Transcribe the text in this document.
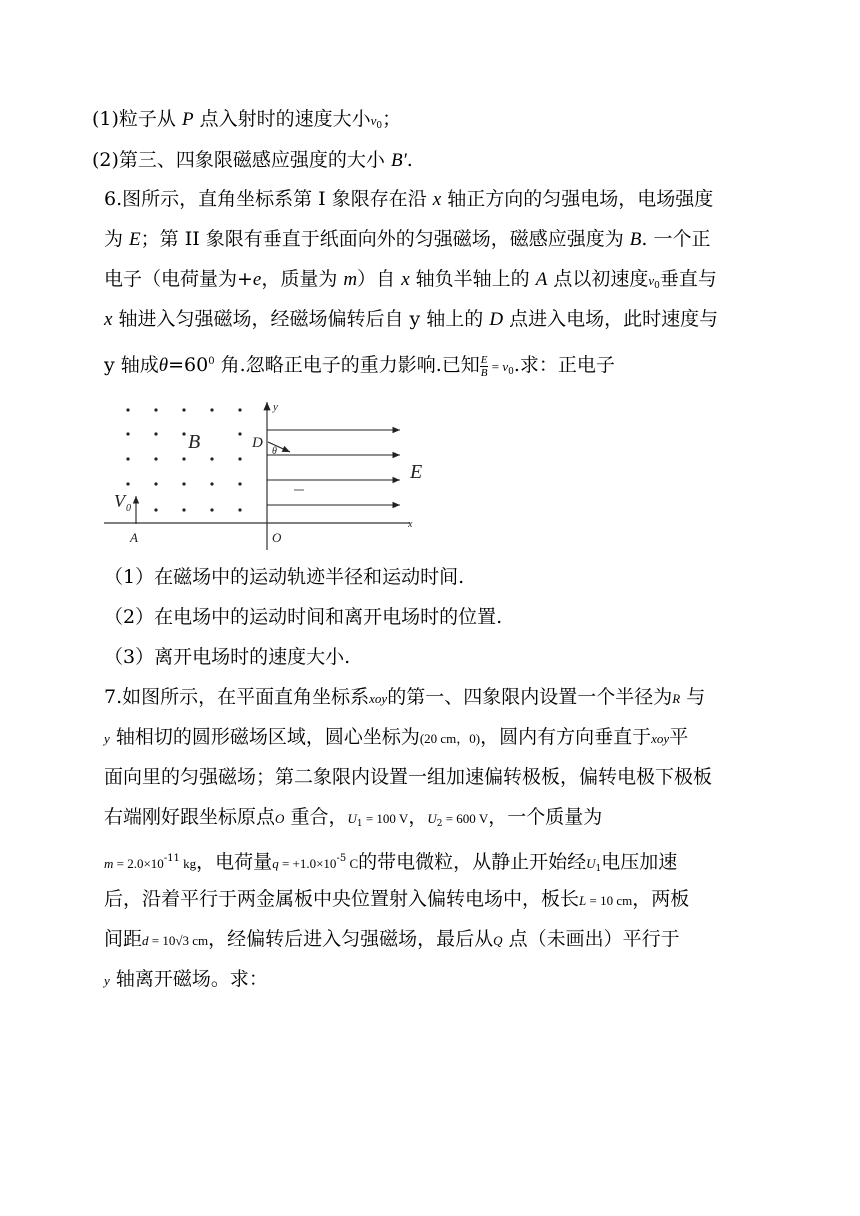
(1)粒子从 P 点入射时的速度大小$v_0$；
(2)第三、四象限磁感应强度的大小 B′.
6.图所示，直角坐标系第 I 象限存在沿 x 轴正方向的匀强电场，电场强度
为 E；第 II 象限有垂直于纸面向外的匀强磁场，磁感应强度为 B. 一个正
电子（电荷量为+e，质量为 m）自 x 轴负半轴上的 A 点以初速度$v_0$垂直与
x 轴进入匀强磁场，经磁场偏转后自 y 轴上的 D 点进入电场，此时速度与
y 轴成$\theta=60^0$ 角.忽略正电子的重力影响.已知 $\frac{E}{B} = v_0$.求：正电子
y
B	D
θ
E
V 0
x
A	O
（1）在磁场中的运动轨迹半径和运动时间.
（2）在电场中的运动时间和离开电场时的位置.
（3）离开电场时的速度大小.
7.如图所示，在平面直角坐标系xoy的第一、四象限内设置一个半径为R 与
y 轴相切的圆形磁场区域，圆心坐标为(20 cm，0)，圆内有方向垂直于xoy平
面向里的匀强磁场；第二象限内设置一组加速偏转极板，偏转电极下极板
右端刚好跟坐标原点O 重合，$U_1 = 100$ V，$U_2 = 600$ V，一个质量为
$m = 2.0\times 10^{-11}$ kg，电荷量$q = +1.0\times 10^{-5}$ C的带电微粒，从静止开始经$U_1$电压加速
后，沿着平行于两金属板中央位置射入偏转电场中，板长L = 10 cm，两板
间距d = 10√3 cm，经偏转后进入匀强磁场，最后从Q 点（未画出）平行于
y 轴离开磁场。求：
